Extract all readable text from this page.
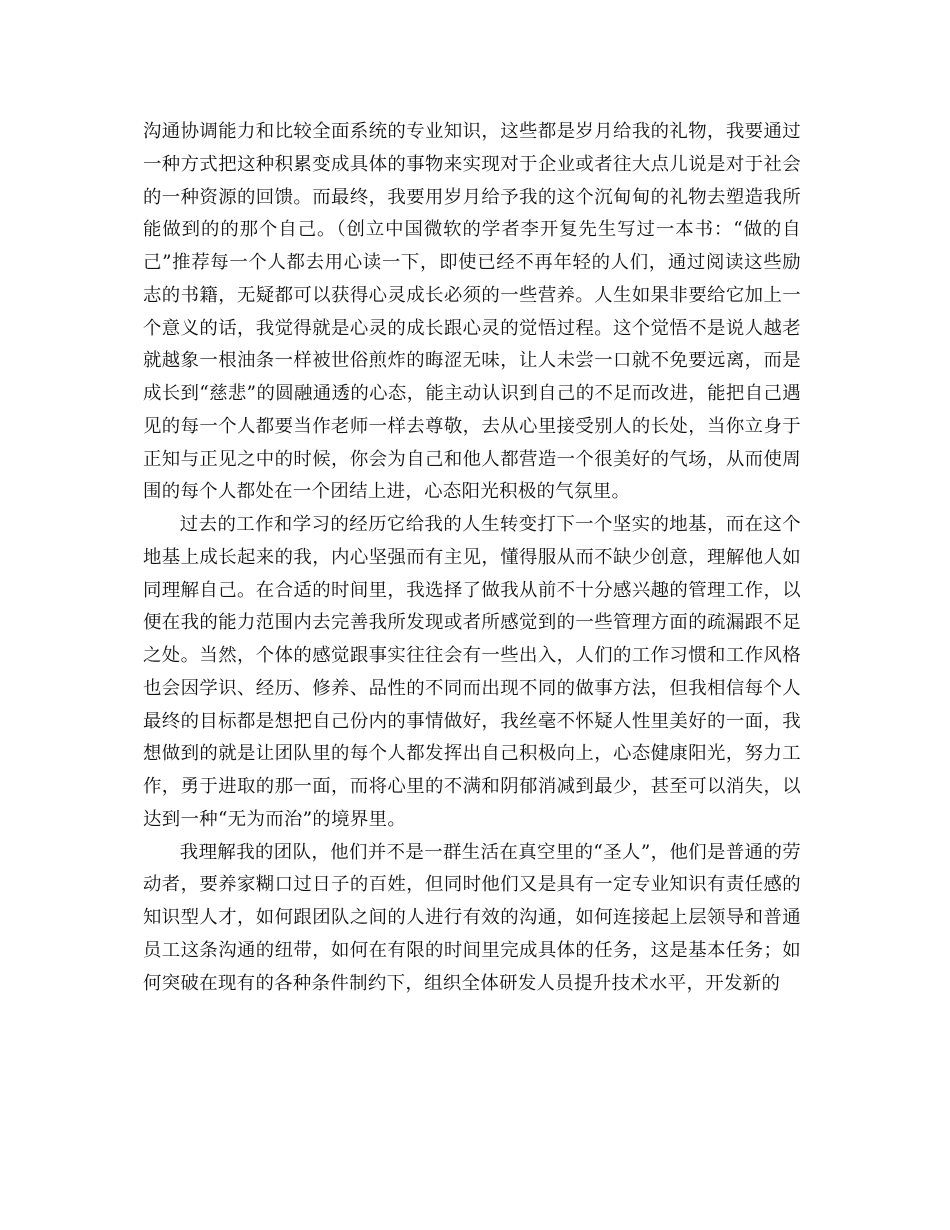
沟通协调能力和比较全面系统的专业知识，这些都是岁月给我的礼物，我要通过一种方式把这种积累变成具体的事物来实现对于企业或者往大点儿说是对于社会的一种资源的回馈。而最终，我要用岁月给予我的这个沉甸甸的礼物去塑造我所能做到的的那个自己。（创立中国微软的学者李开复先生写过一本书：“做的自己”推荐每一个人都去用心读一下，即使已经不再年轻的人们，通过阅读这些励志的书籍，无疑都可以获得心灵成长必须的一些营养。人生如果非要给它加上一个意义的话，我觉得就是心灵的成长跟心灵的觉悟过程。这个觉悟不是说人越老就越象一根油条一样被世俗煎炸的晦涩无味，让人未尝一口就不免要远离，而是成长到“慈悲”的圆融通透的心态，能主动认识到自己的不足而改进，能把自己遇见的每一个人都要当作老师一样去尊敬，去从心里接受别人的长处，当你立身于正知与正见之中的时候，你会为自己和他人都营造一个很美好的气场，从而使周围的每个人都处在一个团结上进，心态阳光积极的气氛里。

过去的工作和学习的经历它给我的人生转变打下一个坚实的地基，而在这个地基上成长起来的我，内心坚强而有主见，懂得服从而不缺少创意，理解他人如同理解自己。在合适的时间里，我选择了做我从前不十分感兴趣的管理工作，以便在我的能力范围内去完善我所发现或者所感觉到的一些管理方面的疏漏跟不足之处。当然，个体的感觉跟事实往往会有一些出入，人们的工作习惯和工作风格也会因学识、经历、修养、品性的不同而出现不同的做事方法，但我相信每个人最终的目标都是想把自己份内的事情做好，我丝毫不怀疑人性里美好的一面，我想做到的就是让团队里的每个人都发挥出自己积极向上，心态健康阳光，努力工作，勇于进取的那一面，而将心里的不满和阴郁消减到最少，甚至可以消失，以达到一种“无为而治”的境界里。

我理解我的团队，他们并不是一群生活在真空里的“圣人”，他们是普通的劳动者，要养家糊口过日子的百姓，但同时他们又是具有一定专业知识有责任感的知识型人才，如何跟团队之间的人进行有效的沟通，如何连接起上层领导和普通员工这条沟通的纽带，如何在有限的时间里完成具体的任务，这是基本任务；如何突破在现有的各种条件制约下，组织全体研发人员提升技术水平，开发新的
